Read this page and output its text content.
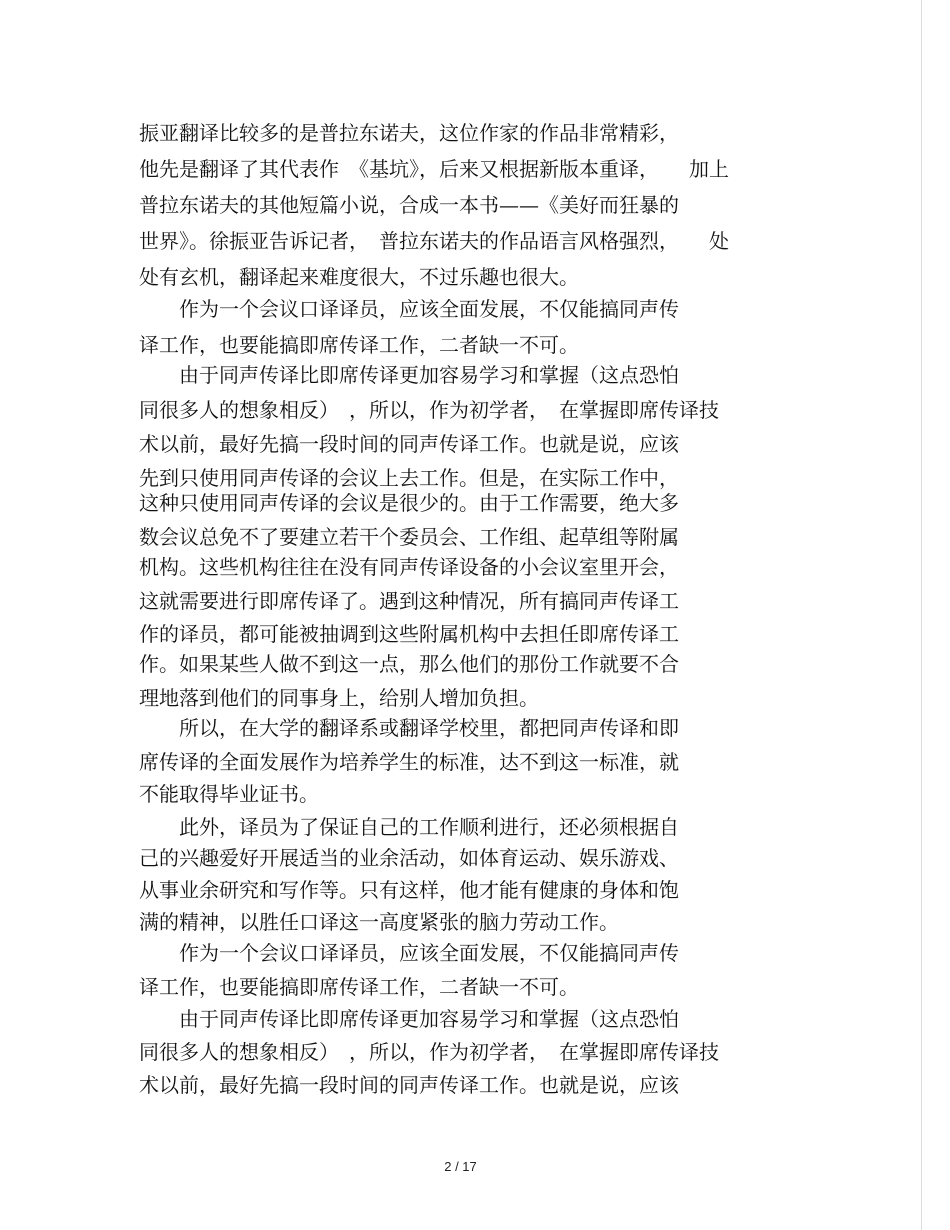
振亚翻译比较多的是普拉东诺夫，这位作家的作品非常精彩，

他先是翻译了其代表作　《基坑》，后来又根据新版本重译，　　加上

普拉东诺夫的其他短篇小说，合成一本书——《美好而狂暴的

世界》。徐振亚告诉记者，　普拉东诺夫的作品语言风格强烈，　　处

处有玄机，翻译起来难度很大，不过乐趣也很大。

　　作为一个会议口译译员，应该全面发展，不仅能搞同声传

译工作，也要能搞即席传译工作，二者缺一不可。

　　由于同声传译比即席传译更加容易学习和掌握（这点恐怕

同很多人的想象相反）　，所以，作为初学者，　在掌握即席传译技

术以前，最好先搞一段时间的同声传译工作。也就是说，应该

先到只使用同声传译的会议上去工作。但是，在实际工作中，

这种只使用同声传译的会议是很少的。由于工作需要，绝大多

数会议总免不了要建立若干个委员会、工作组、起草组等附属

机构。这些机构往往在没有同声传译设备的小会议室里开会，

这就需要进行即席传译了。遇到这种情况，所有搞同声传译工

作的译员，都可能被抽调到这些附属机构中去担任即席传译工

作。如果某些人做不到这一点，那么他们的那份工作就要不合

理地落到他们的同事身上，给别人增加负担。

　　所以，在大学的翻译系或翻译学校里，都把同声传译和即

席传译的全面发展作为培养学生的标准，达不到这一标准，就

不能取得毕业证书。

　　此外，译员为了保证自己的工作顺利进行，还必须根据自

己的兴趣爱好开展适当的业余活动，如体育运动、娱乐游戏、

从事业余研究和写作等。只有这样，他才能有健康的身体和饱

满的精神，以胜任口译这一高度紧张的脑力劳动工作。

　　作为一个会议口译译员，应该全面发展，不仅能搞同声传

译工作，也要能搞即席传译工作，二者缺一不可。

　　由于同声传译比即席传译更加容易学习和掌握（这点恐怕

同很多人的想象相反）　，所以，作为初学者，　在掌握即席传译技

术以前，最好先搞一段时间的同声传译工作。也就是说，应该

2 / 17
